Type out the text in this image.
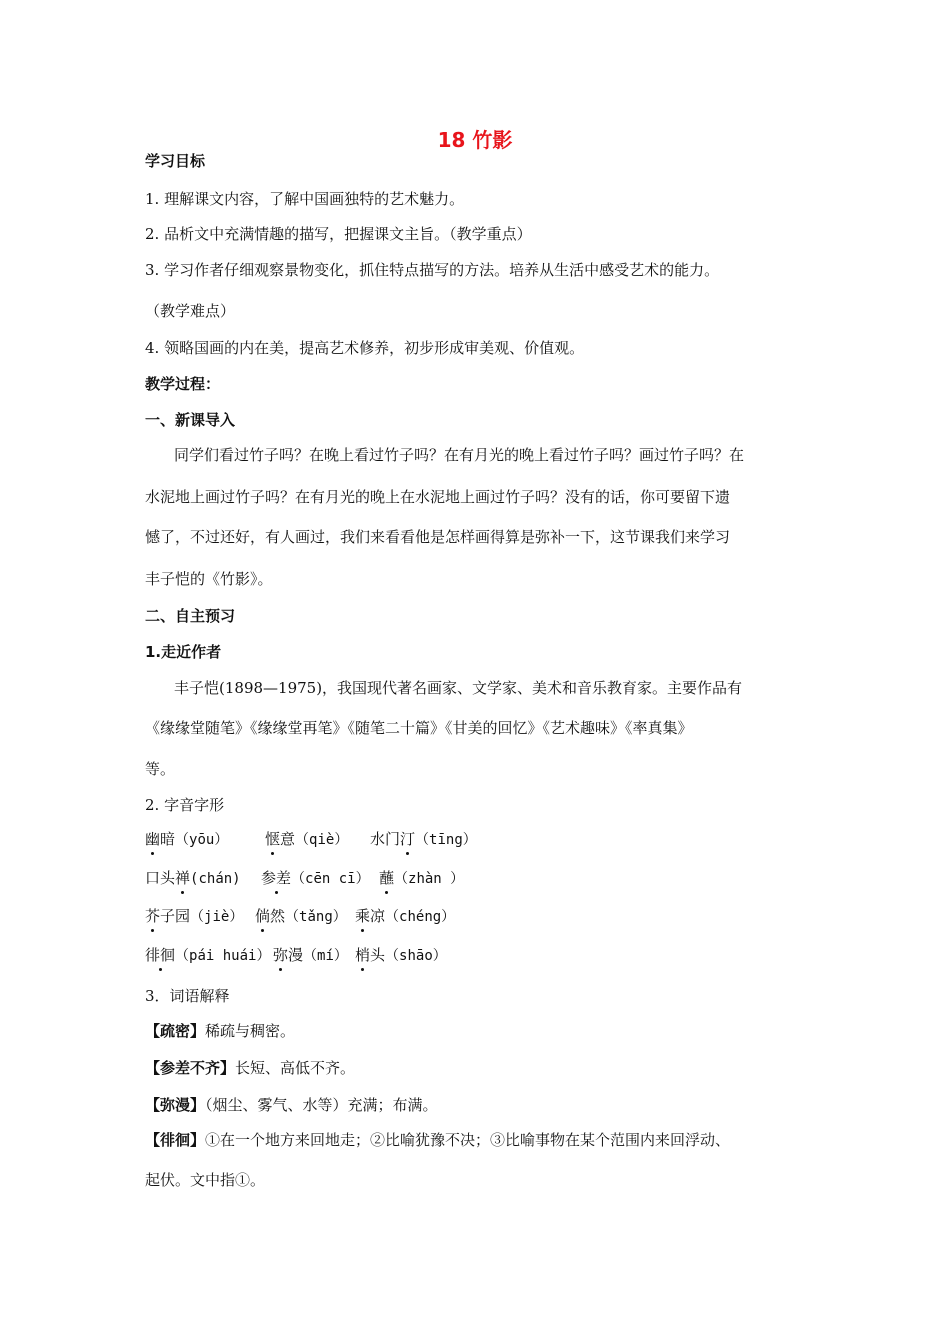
18 竹影
学习目标
1. 理解课文内容，了解中国画独特的艺术魅力。
2. 品析文中充满情趣的描写，把握课文主旨。（教学重点）
3. 学习作者仔细观察景物变化，抓住特点描写的方法。培养从生活中感受艺术的能力。
（教学难点）
4. 领略国画的内在美，提高艺术修养，初步形成审美观、价值观。
教学过程：
一、新课导入
同学们看过竹子吗？在晚上看过竹子吗？在有月光的晚上看过竹子吗？画过竹子吗？在
水泥地上画过竹子吗？在有月光的晚上在水泥地上画过竹子吗？没有的话，你可要留下遗
憾了，不过还好，有人画过，我们来看看他是怎样画得算是弥补一下，这节课我们来学习
丰子恺的《竹影》。
二、自主预习
1.走近作者
丰子恺(1898—1975)，我国现代著名画家、文学家、美术和音乐教育家。主要作品有
《缘缘堂随笔》《缘缘堂再笔》《随笔二十篇》《甘美的回忆》《艺术趣味》《率真集》
等。
2. 字音字形
幽暗（yōu） 惬意（qiè） 水门汀（tīng）
口头禅(chán) 参差（cēn cī） 蘸（zhàn ）
芥子园（jiè） 倘然（tǎng） 乘凉（chéng）
徘徊（pái huái） 弥漫（mí） 梢头（shāo）
3．词语解释
【疏密】稀疏与稠密。
【参差不齐】长短、高低不齐。
【弥漫】（烟尘、雾气、水等）充满；布满。
【徘徊】①在一个地方来回地走；②比喻犹豫不决；③比喻事物在某个范围内来回浮动、
起伏。文中指①。
